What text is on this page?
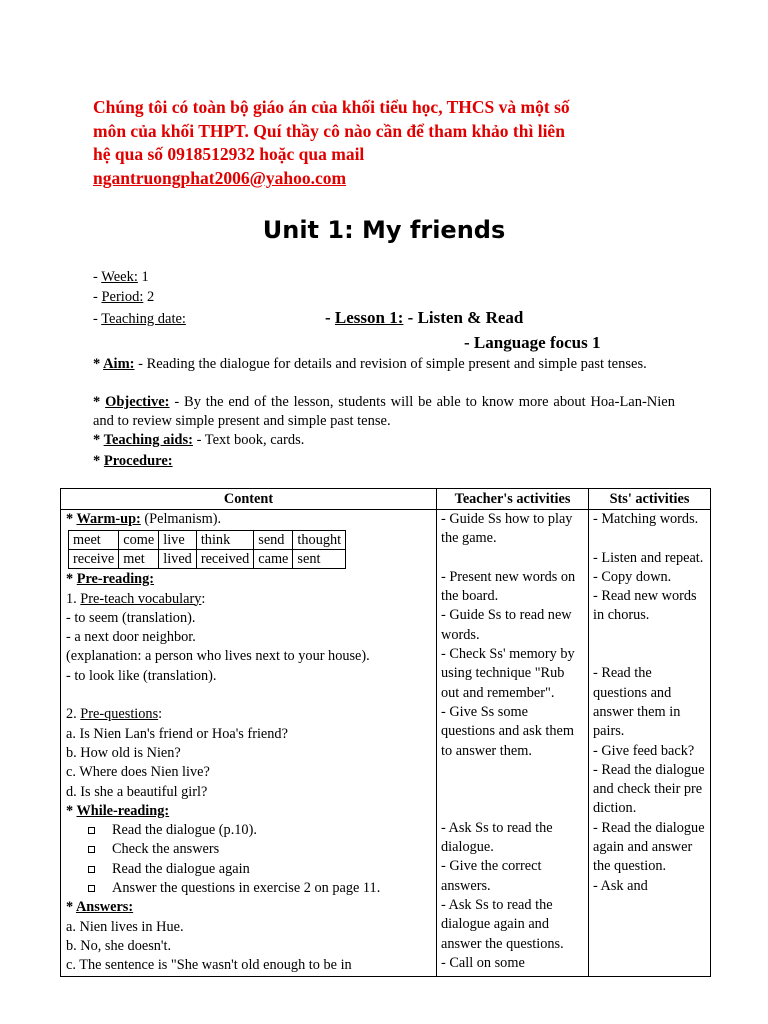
Chúng tôi có toàn bộ giáo án của khối tiểu học, THCS và một số
môn của khối THPT. Quí thầy cô nào cần để tham khảo thì liên
hệ qua số 0918512932 hoặc qua mail
ngantruongphat2006@yahoo.com
Unit 1: My friends
- Week: 1
- Period: 2
- Teaching date:	- Lesson 1: - Listen & Read
- Language focus 1
* Aim: - Reading the dialogue for details and revision of simple present and simple past tenses.
* Objective: - By the end of the lesson, students will be able to know more about Hoa-Lan-Nien and to review simple present and simple past tense.
* Teaching aids: - Text book, cards.
* Procedure:
Content	Teacher's activities	Sts' activities

* Warm-up: (Pelmanism).
meet	come	live	think	send	thought
receive	met	lived	received	came	sent
* Pre-reading:
1. Pre-teach vocabulary:
- to seem (translation).
- a next door neighbor.
(explanation: a person who lives next to your house).
- to look like (translation).
2. Pre-questions:
a. Is Nien Lan's friend or Hoa's friend?
b. How old is Nien?
c. Where does Nien live?
d. Is she a beautiful girl?
* While-reading:
Read the dialogue (p.10).
Check the answers
Read the dialogue again
Answer the questions in exercise 2 on page 11.
* Answers:
a. Nien lives in Hue.
b. No, she doesn't.
c. The sentence is "She wasn't old enough to be in

- Guide Ss how to play the game.
- Present new words on the board.
- Guide Ss to read new words.
- Check Ss' memory by using technique "Rub out and remember".
- Give Ss some questions and ask them to answer them.
- Ask Ss to read the dialogue.
- Give the correct answers.
- Ask Ss to read the dialogue again and answer the questions.
- Call on some

- Matching words.
- Listen and repeat.
- Copy down.
- Read new words in chorus.
- Read the questions and answer them in pairs.
- Give feed back?
- Read the dialogue and check their pre diction.
- Read the dialogue again and answer the question.
- Ask and
